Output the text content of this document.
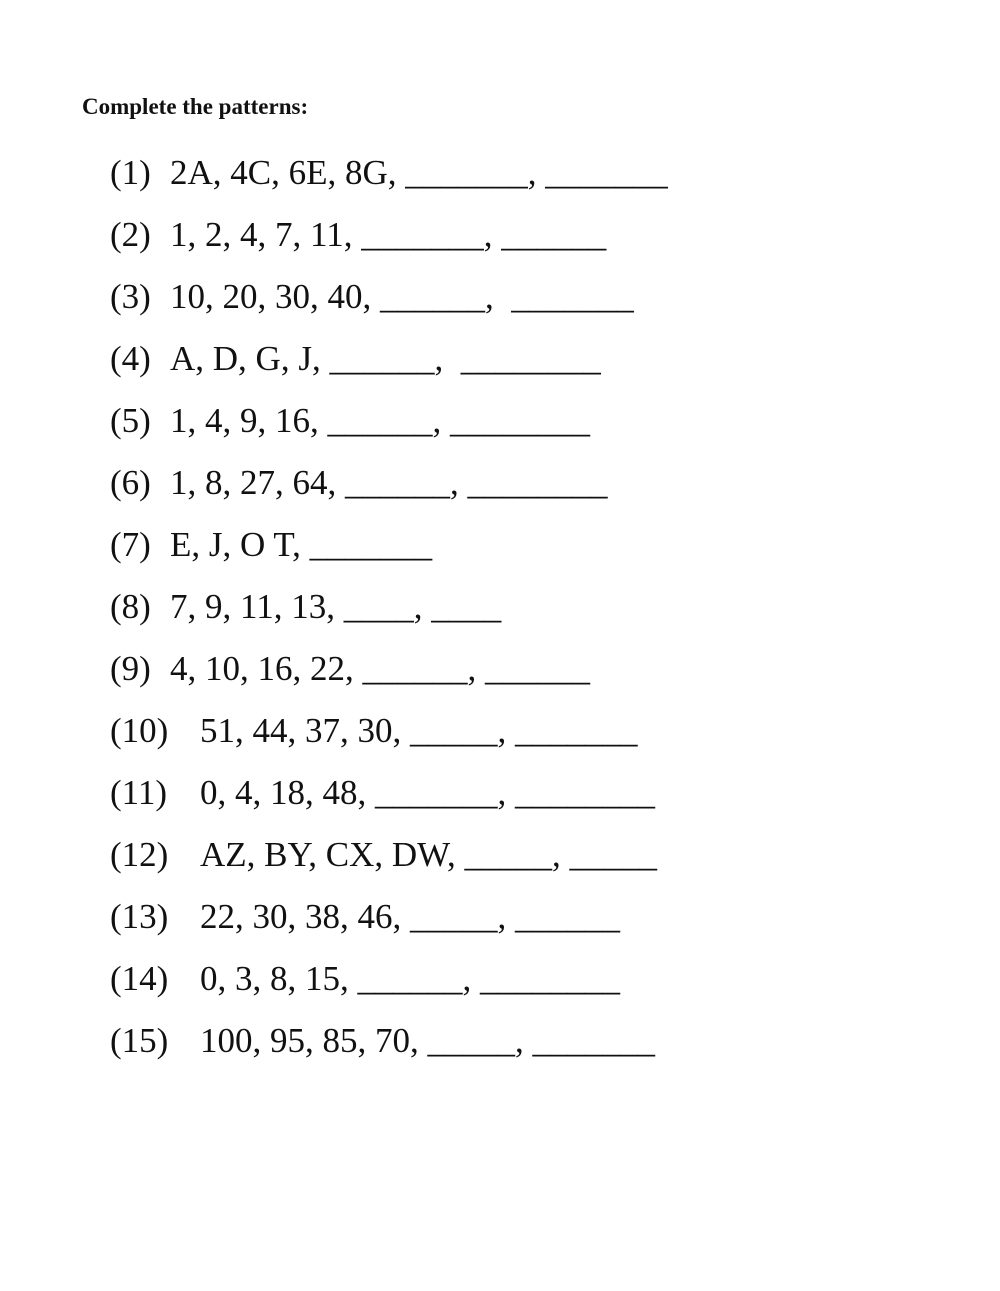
Complete the patterns:
(1) 2A, 4C, 6E, 8G, _______, _______
(2) 1, 2, 4, 7, 11, _______, ______
(3) 10, 20, 30, 40, ______,  _______
(4) A, D, G, J, ______,  ________
(5) 1, 4, 9, 16, ______, ________
(6) 1, 8, 27, 64, ______, ________
(7) E, J, O T, _______
(8) 7, 9, 11, 13, ____, ____
(9) 4, 10, 16, 22, ______, ______
(10) 51, 44, 37, 30, _____, _______
(11) 0, 4, 18, 48, _______, ________
(12) AZ, BY, CX, DW, _____, _____
(13) 22, 30, 38, 46, _____, ______
(14) 0, 3, 8, 15, ______, ________
(15) 100, 95, 85, 70, _____, _______
